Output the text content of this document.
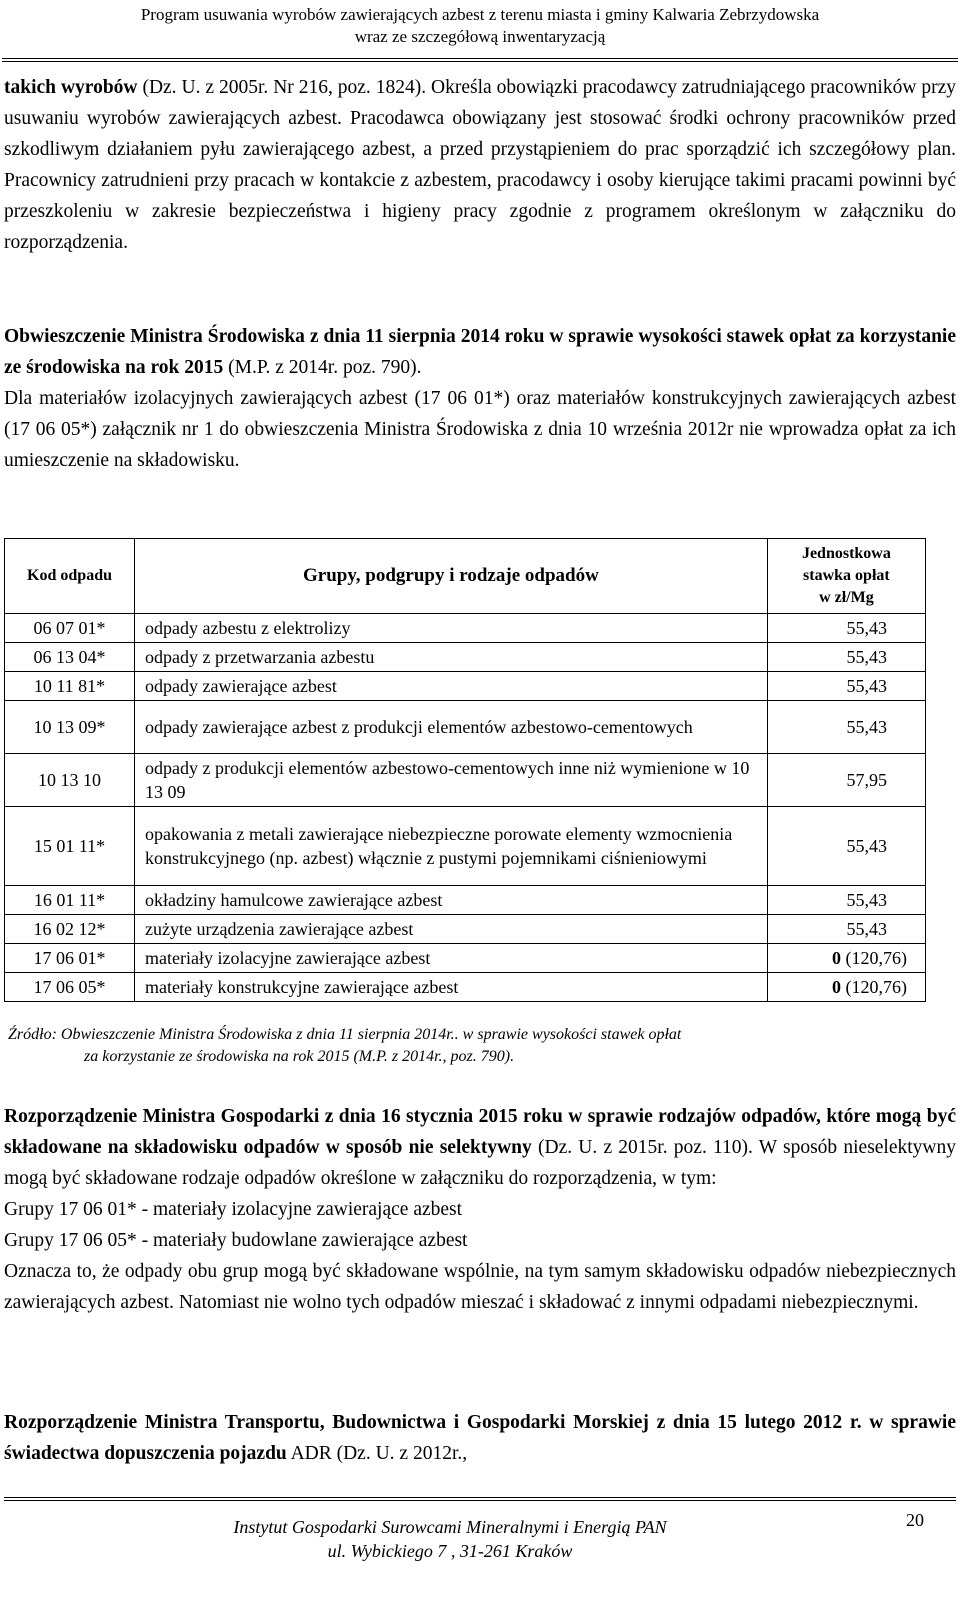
Program usuwania wyrobów zawierających azbest z terenu miasta i gminy Kalwaria Zebrzydowska
wraz ze szczegółową inwentaryzacją

takich wyrobów (Dz. U. z 2005r. Nr 216, poz. 1824). Określa obowiązki pracodawcy zatrudniającego pracowników przy usuwaniu wyrobów zawierających azbest. Pracodawca obowiązany jest stosować środki ochrony pracowników przed szkodliwym działaniem pyłu zawierającego azbest, a przed przystąpieniem do prac sporządzić ich szczegółowy plan. Pracownicy zatrudnieni przy pracach w kontakcie z azbestem, pracodawcy i osoby kierujące takimi pracami powinni być przeszkoleniu w zakresie bezpieczeństwa i higieny pracy zgodnie z programem określonym w załączniku do rozporządzenia.

Obwieszczenie Ministra Środowiska z dnia 11 sierpnia 2014 roku w sprawie wysokości stawek opłat za korzystanie ze środowiska na rok 2015 (M.P. z 2014r. poz. 790).

Dla materiałów izolacyjnych zawierających azbest (17 06 01*) oraz materiałów konstrukcyjnych zawierających azbest (17 06 05*) załącznik nr 1 do obwieszczenia Ministra Środowiska z dnia 10 września 2012r nie wprowadza opłat za ich umieszczenie na składowisku.

Kod odpadu	Grupy, podgrupy i rodzaje odpadów	Jednostkowa
stawka opłat
w zł/Mg

06 07 01*	odpady azbestu z elektrolizy	55,43
06 13 04*	odpady z przetwarzania azbestu	55,43
10 11 81*	odpady zawierające azbest	55,43
10 13 09*	odpady zawierające azbest z produkcji elementów azbestowo-cementowych	55,43
10 13 10	odpady z produkcji elementów azbestowo-cementowych inne niż wymienione w 10 13 09	57,95
15 01 11*	opakowania z metali zawierające niebezpieczne porowate elementy wzmocnienia konstrukcyjnego (np. azbest) włącznie z pustymi pojemnikami ciśnieniowymi	55,43
16 01 11*	okładziny hamulcowe zawierające azbest	55,43
16 02 12*	zużyte urządzenia zawierające azbest	55,43
17 06 01*	materiały izolacyjne zawierające azbest	0 (120,76)
17 06 05*	materiały konstrukcyjne zawierające azbest	0 (120,76)
Źródło: Obwieszczenie Ministra Środowiska z dnia 11 sierpnia 2014r.. w sprawie wysokości stawek opłat
za korzystanie ze środowiska na rok 2015 (M.P. z 2014r., poz. 790).

Rozporządzenie Ministra Gospodarki z dnia 16 stycznia 2015 roku w sprawie rodzajów odpadów, które mogą być składowane na składowisku odpadów w sposób nie selektywny (Dz. U. z 2015r. poz. 110). W sposób nieselektywny mogą być składowane rodzaje odpadów określone w załączniku do rozporządzenia, w tym:

Grupy 17 06 01* - materiały izolacyjne zawierające azbest

Grupy 17 06 05* - materiały budowlane zawierające azbest

Oznacza to, że odpady obu grup mogą być składowane wspólnie, na tym samym składowisku odpadów niebezpiecznych zawierających azbest. Natomiast nie wolno tych odpadów mieszać i składować z innymi odpadami niebezpiecznymi.

Rozporządzenie Ministra Transportu, Budownictwa i Gospodarki Morskiej z dnia 15 lutego 2012 r. w sprawie świadectwa dopuszczenia pojazdu ADR (Dz. U. z 2012r.,

Instytut Gospodarki Surowcami Mineralnymi i Energią PAN
ul. Wybickiego 7 , 31-261 Kraków
20
